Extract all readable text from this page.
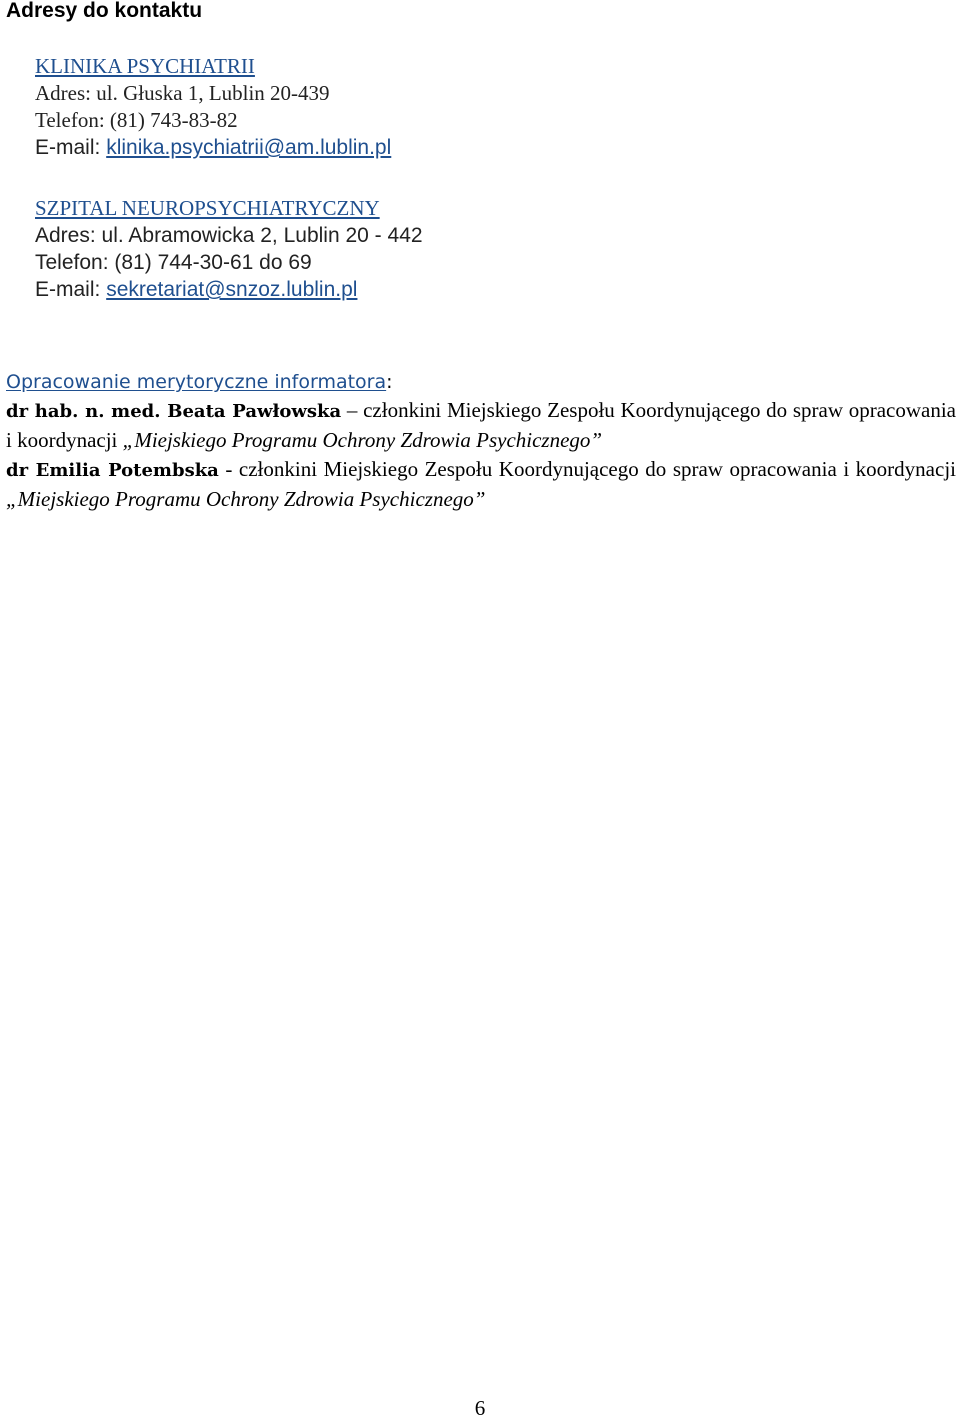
Adresy do kontaktu
KLINIKA PSYCHIATRII
Adres: ul. Głuska 1, Lublin 20-439
Telefon: (81) 743-83-82
E-mail: klinika.psychiatrii@am.lublin.pl
SZPITAL NEUROPSYCHIATRYCZNY
Adres: ul. Abramowicka 2, Lublin 20 - 442
Telefon: (81) 744-30-61 do 69
E-mail: sekretariat@snzoz.lublin.pl
Opracowanie merytoryczne informatora:

dr hab. n. med. Beata Pawłowska – członkini Miejskiego Zespołu Koordynującego do spraw opracowania i koordynacji „Miejskiego Programu Ochrony Zdrowia Psychicznego”

dr Emilia Potembska - członkini Miejskiego Zespołu Koordynującego do spraw opracowania i koordynacji „Miejskiego Programu Ochrony Zdrowia Psychicznego”

6
